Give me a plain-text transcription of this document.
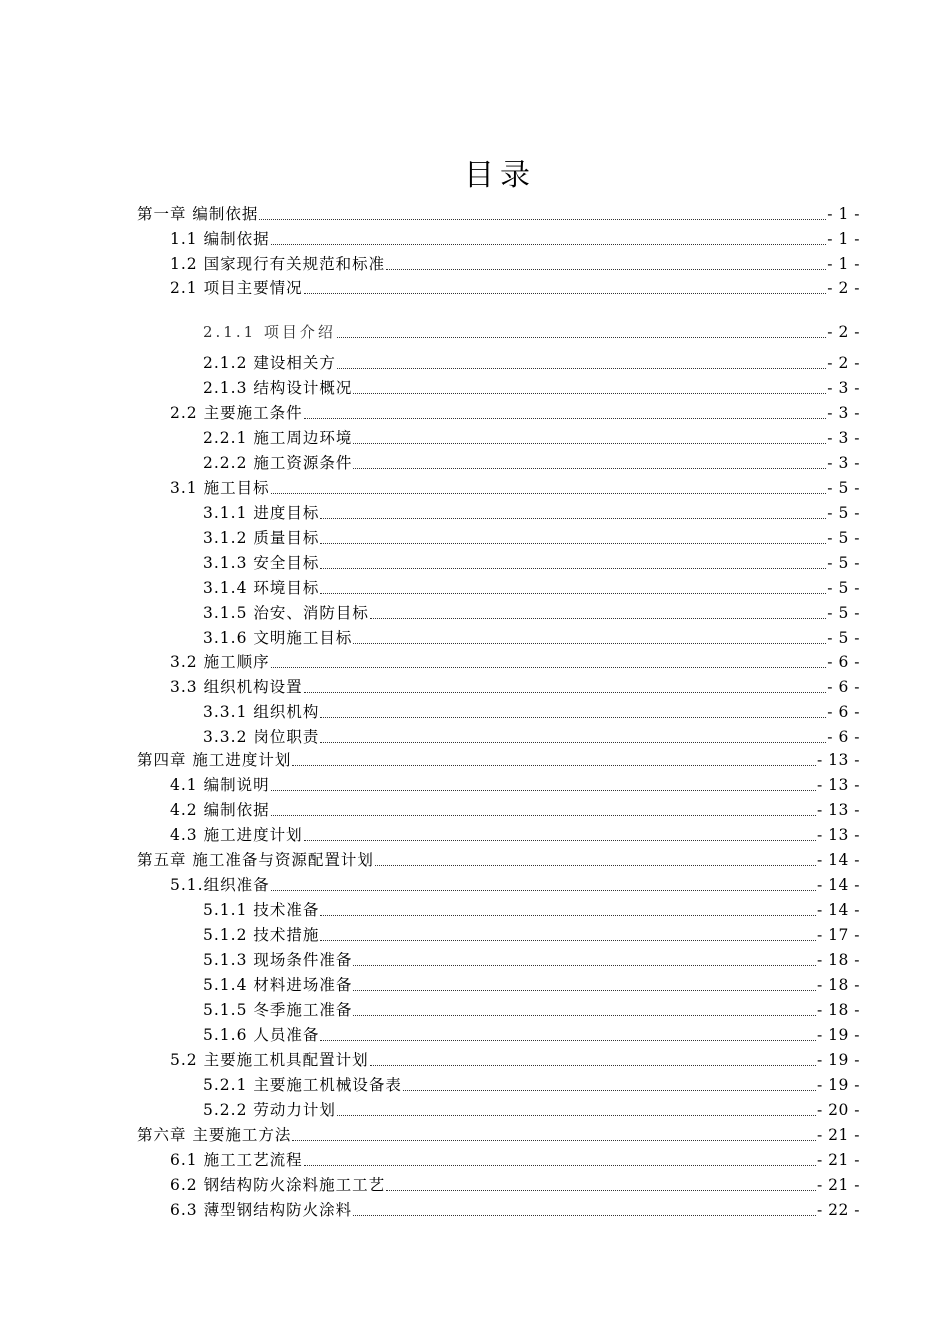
目录
第一章 编制依据	- 1 -
1.1 编制依据	- 1 -
1.2 国家现行有关规范和标准	- 1 -
2.1 项目主要情况	- 2 -
2.1.1 项目介绍	- 2 -
2.1.2 建设相关方	- 2 -
2.1.3 结构设计概况	- 3 -
2.2 主要施工条件	- 3 -
2.2.1 施工周边环境	- 3 -
2.2.2 施工资源条件	- 3 -
3.1 施工目标	- 5 -
3.1.1 进度目标	- 5 -
3.1.2 质量目标	- 5 -
3.1.3 安全目标	- 5 -
3.1.4 环境目标	- 5 -
3.1.5 治安、消防目标	- 5 -
3.1.6 文明施工目标	- 5 -
3.2 施工顺序	- 6 -
3.3 组织机构设置	- 6 -
3.3.1 组织机构	- 6 -
3.3.2 岗位职责	- 6 -
第四章 施工进度计划	- 13 -
4.1 编制说明	- 13 -
4.2 编制依据	- 13 -
4.3 施工进度计划	- 13 -
第五章 施工准备与资源配置计划	- 14 -
5.1.组织准备	- 14 -
5.1.1 技术准备	- 14 -
5.1.2 技术措施	- 17 -
5.1.3 现场条件准备	- 18 -
5.1.4 材料进场准备	- 18 -
5.1.5 冬季施工准备	- 18 -
5.1.6 人员准备	- 19 -
5.2 主要施工机具配置计划	- 19 -
5.2.1 主要施工机械设备表	- 19 -
5.2.2 劳动力计划	- 20 -
第六章 主要施工方法	- 21 -
6.1 施工工艺流程	- 21 -
6.2 钢结构防火涂料施工工艺	- 21 -
6.3 薄型钢结构防火涂料	- 22 -
